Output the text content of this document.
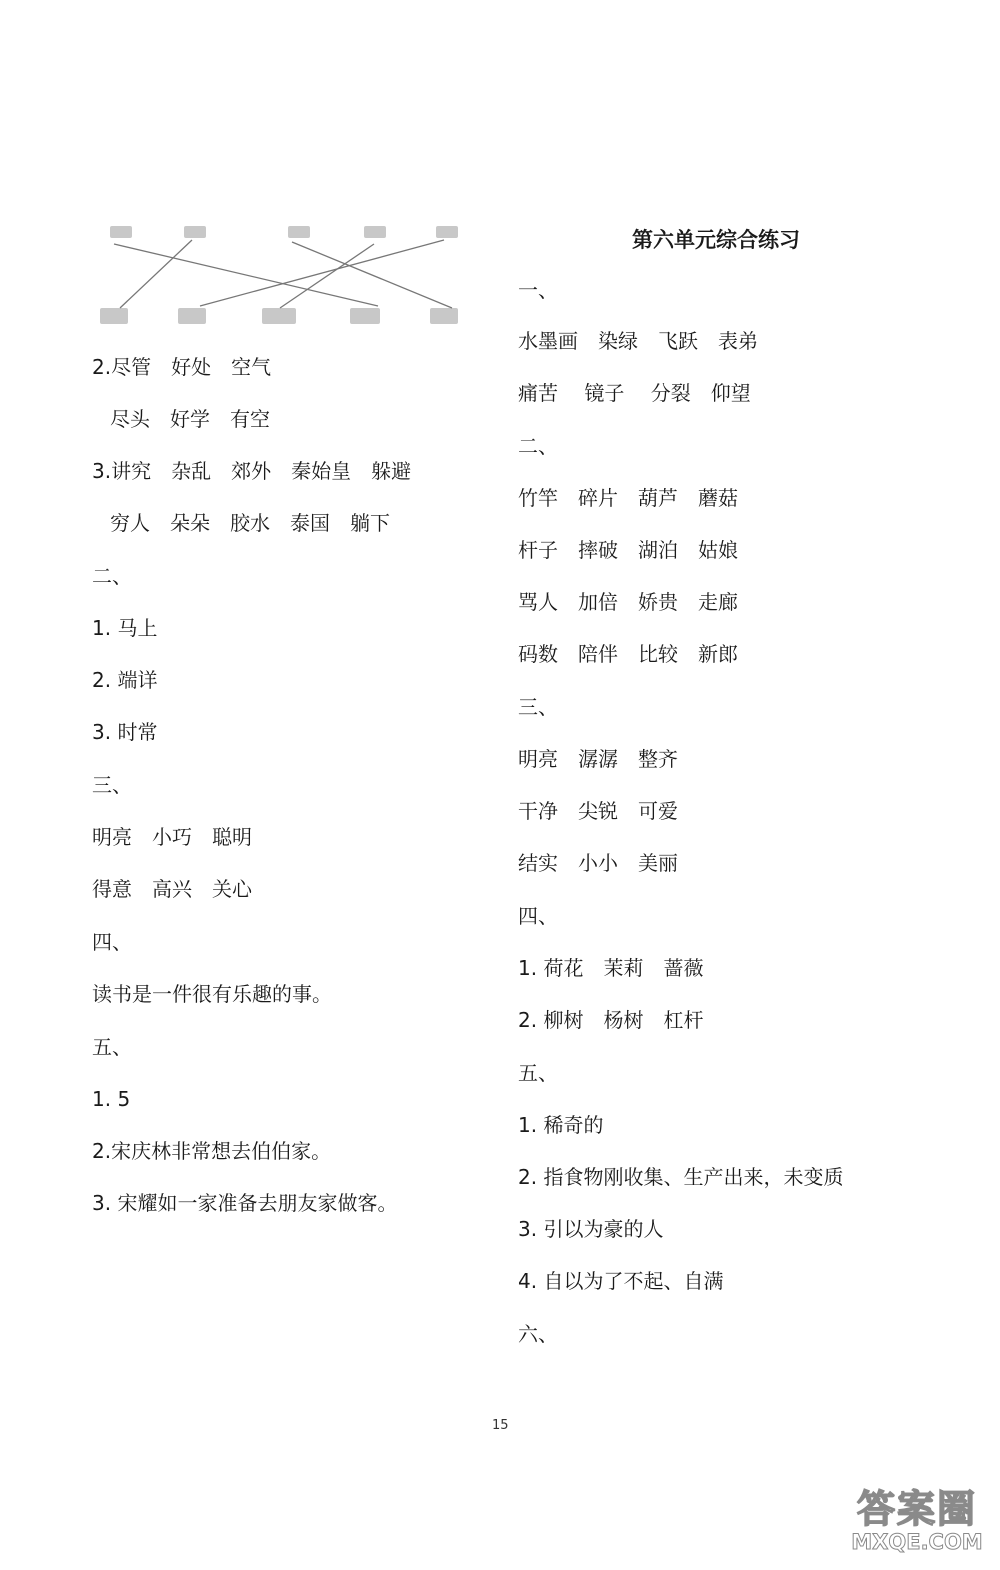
2.尽管　好处　空气
尽头　好学　有空
3.讲究　杂乱　郊外　秦始皇　躲避
穷人　朵朵　胶水　泰国　躺下
二、
1. 马上
2. 端详
3. 时常
三、
明亮　小巧　聪明
得意　高兴　关心
四、
读书是一件很有乐趣的事。
五、
1. 5
2.宋庆林非常想去伯伯家。
3. 宋耀如一家准备去朋友家做客。
第六单元综合练习
一、
水墨画　染绿　飞跃　表弟
痛苦　 镜子　 分裂　仰望
二、
竹竿　碎片　葫芦　蘑菇
杆子　摔破　湖泊　姑娘
骂人　加倍　娇贵　走廊
码数　陪伴　比较　新郎
三、
明亮　潺潺　整齐
干净　尖锐　可爱
结实　小小　美丽
四、
1. 荷花　茉莉　蔷薇
2. 柳树　杨树　杠杆
五、
1. 稀奇的
2. 指食物刚收集、生产出来，未变质
3. 引以为豪的人
4. 自以为了不起、自满
六、
15
答案圈
MXQE.COM
